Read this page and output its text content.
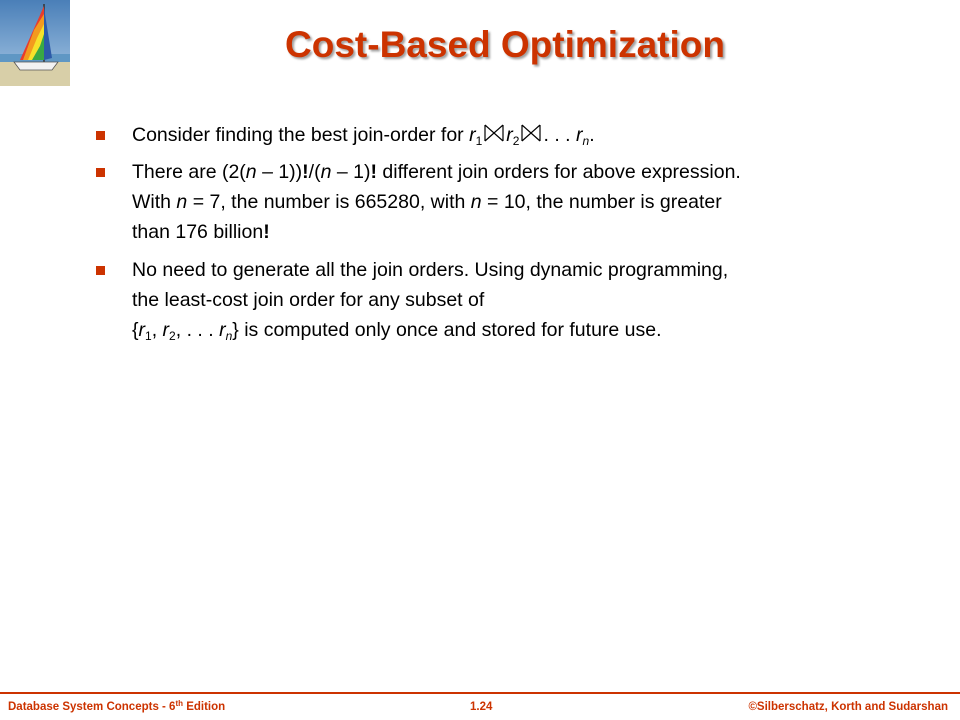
Cost-Based Optimization
Consider finding the best join-order for $r_1$ $r_2$ . . . $r_n$.
There are (2(n – 1))!/(n – 1)! different join orders for above expression.
With n = 7, the number is 665280, with n = 10, the number is greater
than 176 billion!
No need to generate all the join orders. Using dynamic programming,
the least-cost join order for any subset of
{$r_1$, $r_2$, . . . $r_n$} is computed only once and stored for future use.
Database System Concepts - 6th Edition	1.24	©Silberschatz, Korth and Sudarshan
